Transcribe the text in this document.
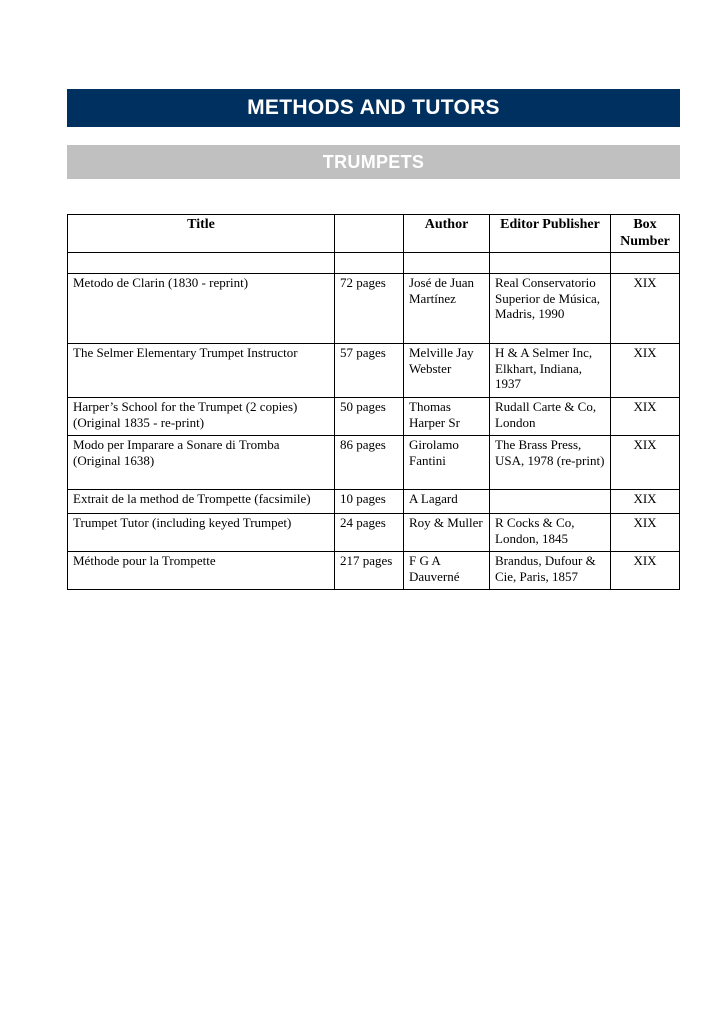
METHODS AND TUTORS
TRUMPETS
Title		Author	Editor Publisher	Box Number

Metodo de Clarin (1830 - reprint)	72 pages	José de Juan Martínez	Real Conservatorio Superior de Música, Madris, 1990	XIX
The Selmer Elementary Trumpet Instructor	57 pages	Melville Jay Webster	H & A Selmer Inc, Elkhart, Indiana, 1937	XIX
Harper’s School for the Trumpet (2 copies) (Original 1835 - re-print)	50 pages	Thomas Harper Sr	Rudall Carte & Co, London	XIX
Modo per Imparare a Sonare di Tromba (Original 1638)	86 pages	Girolamo Fantini	The Brass Press, USA, 1978 (re-print)	XIX
Extrait de la method de Trompette (facsimile)	10 pages	A Lagard		XIX
Trumpet Tutor (including keyed Trumpet)	24 pages	Roy & Muller	R Cocks & Co, London, 1845	XIX
Méthode pour la Trompette	217 pages	F G A Dauverné	Brandus, Dufour & Cie, Paris, 1857	XIX
